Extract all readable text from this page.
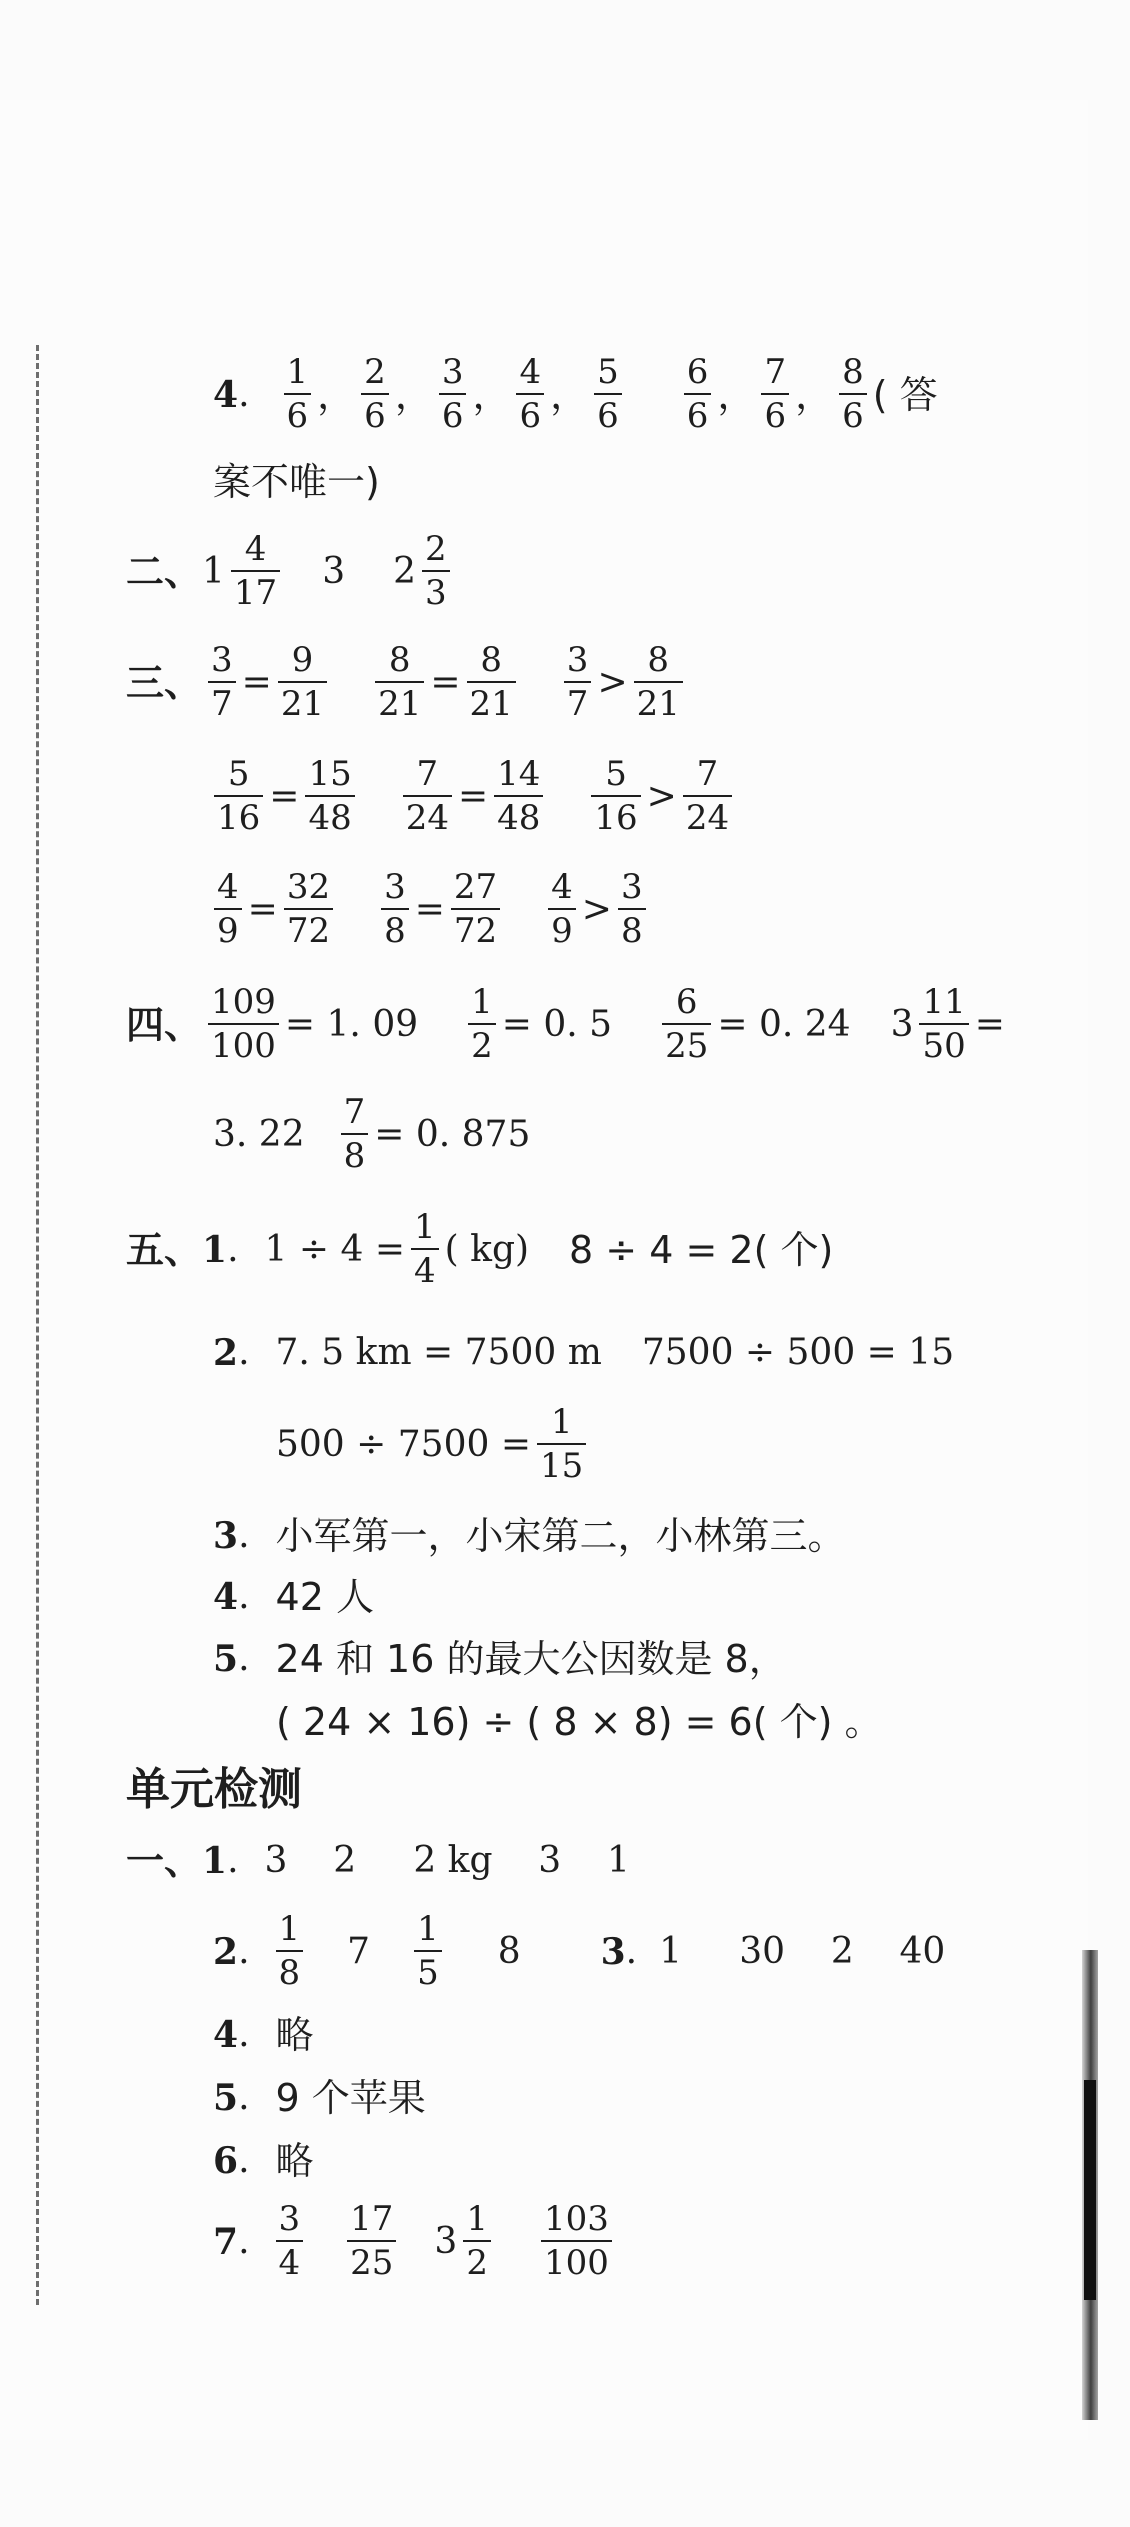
4 . $\frac{1}{6}$ ， $\frac{2}{6}$ ， $\frac{3}{6}$ ， $\frac{4}{6}$ ， $\frac{5}{6} \frac{6}{6}$ ， $\frac{7}{6}$ ， $\frac{8}{6}$ ( 答
案不唯一)
二、 $1 \frac{4}{17} 3$ $2 \frac{2}{3}$
三、 $\frac{3}{7} = \frac{9}{21} \frac{8}{21} = \frac{8}{21} \frac{3}{7} > \frac{8}{21}$
$\frac{5}{16} = \frac{15}{48} \frac{7}{24} = \frac{14}{48} \frac{5}{16} > \frac{7}{24}$
$\frac{4}{9} = \frac{32}{72} \frac{3}{8} = \frac{27}{72} \frac{4}{9} > \frac{3}{8}$
四、 $\frac{109}{100} = 1$. $09 \frac{1}{2} = 0$. $5 \frac{6}{25} = 0$. 24 $3 \frac{11}{50}$ =
3. $22 \frac{7}{8} = 0$. 875
五、 1 . $1 \div 4 = \frac{1}{4}$ ( kg) 8 ÷ 4 = 2( 个)
2 . 7. 5 km = 7500 m 7500 ÷ 500 = 15
$500 \div 7500 = \frac{1}{15}$
3 . 小军第一，小宋第二，小林第三。
4 . 42 人
5 . 24 和 16 的最大公因数是 8，
( 24 × 16) ÷ ( 8 × 8) = 6( 个) 。
单元检测
一、 1 . 3    2     2 kg    3    1
2 . $\frac{1}{8} 7 \frac{1}{5} 8$ 3 . 1     30    2    40
4 . 略
5 . 9 个苹果
6 . 略
7 . $\frac{3}{4} \frac{17}{25} 3 \frac{1}{2} \frac{103}{100}$
